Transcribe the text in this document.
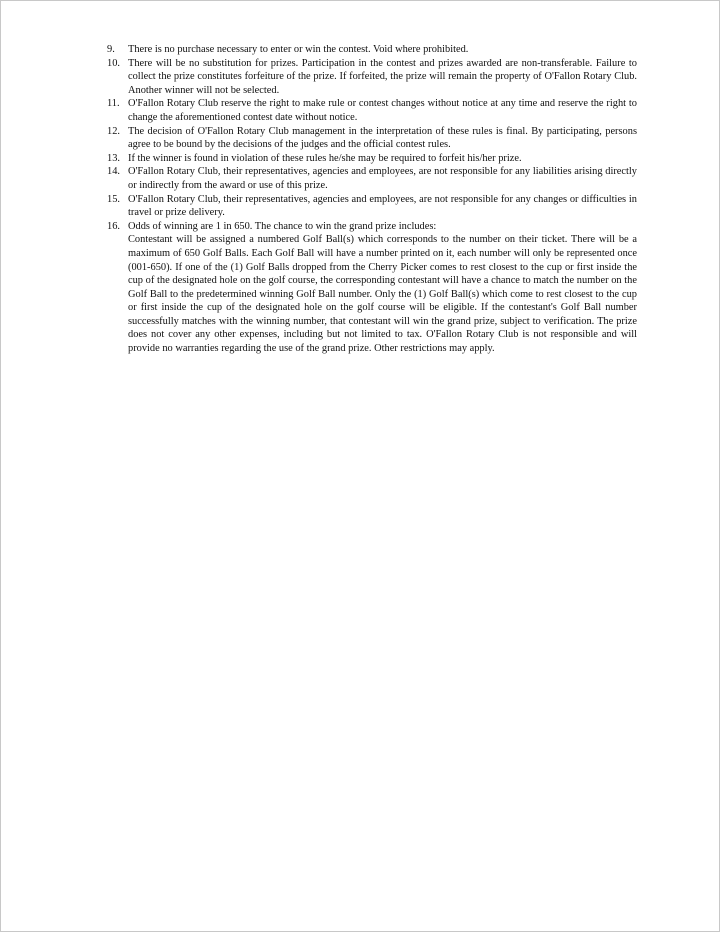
9.	There is no purchase necessary to enter or win the contest. Void where prohibited.
10. There will be no substitution for prizes. Participation in the contest and prizes awarded are non-transferable. Failure to collect the prize constitutes forfeiture of the prize. If forfeited, the prize will remain the property of O'Fallon Rotary Club. Another winner will not be selected.
11. O'Fallon Rotary Club reserve the right to make rule or contest changes without notice at any time and reserve the right to change the aforementioned contest date without notice.
12. The decision of O'Fallon Rotary Club management in the interpretation of these rules is final. By participating, persons agree to be bound by the decisions of the judges and the official contest rules.
13. If the winner is found in violation of these rules he/she may be required to forfeit his/her prize.
14. O'Fallon Rotary Club, their representatives, agencies and employees, are not responsible for any liabilities arising directly or indirectly from the award or use of this prize.
15. O'Fallon Rotary Club, their representatives, agencies and employees, are not responsible for any changes or difficulties in travel or prize delivery.
16. Odds of winning are 1 in 650. The chance to win the grand prize includes:
Contestant will be assigned a numbered Golf Ball(s) which corresponds to the number on their ticket. There will be a maximum of 650 Golf Balls. Each Golf Ball will have a number printed on it, each number will only be represented once (001-650). If one of the (1) Golf Balls dropped from the Cherry Picker comes to rest closest to the cup or first inside the cup of the designated hole on the golf course, the corresponding contestant will have a chance to match the number on the Golf Ball to the predetermined winning Golf Ball number. Only the (1) Golf Ball(s) which come to rest closest to the cup or first inside the cup of the designated hole on the golf course will be eligible. If the contestant's Golf Ball number successfully matches with the winning number, that contestant will win the grand prize, subject to verification. The prize does not cover any other expenses, including but not limited to tax. O'Fallon Rotary Club is not responsible and will provide no warranties regarding the use of the grand prize. Other restrictions may apply.
